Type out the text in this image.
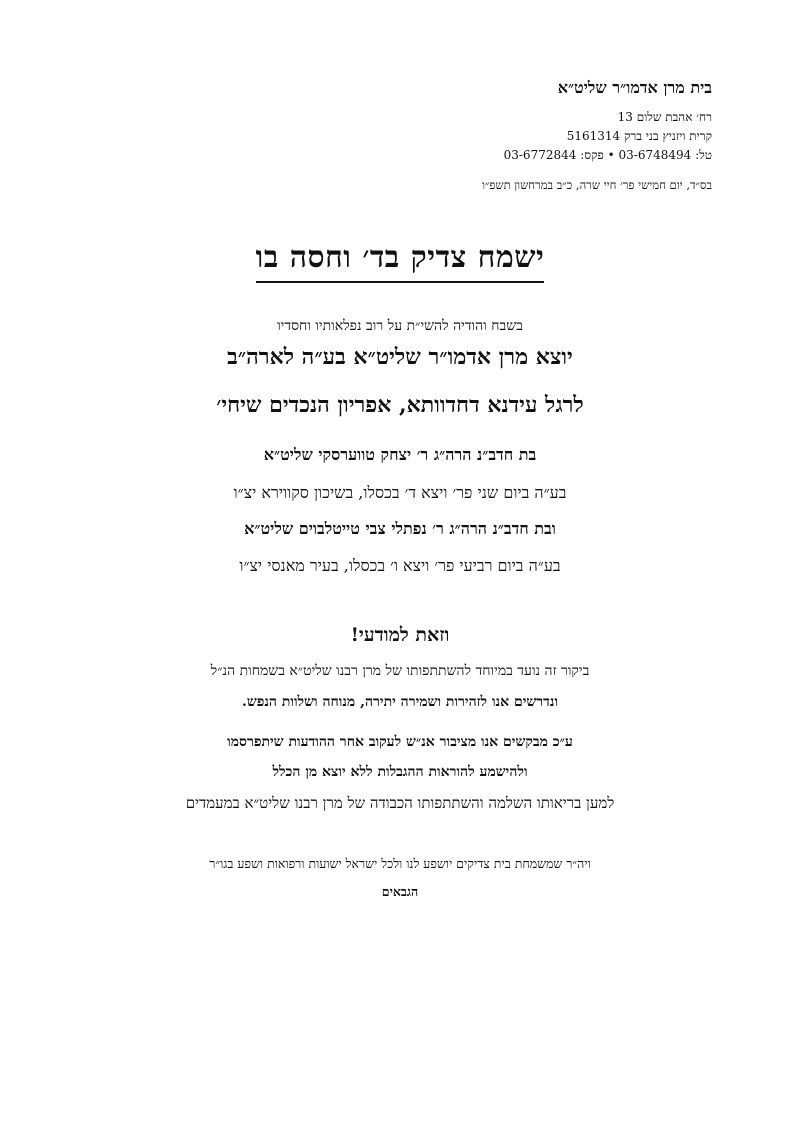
בית מרן אדמו״ר שליט״א
רח׳ אהבת שלום 13
קרית ויזניץ בני ברק 5161314
טל: 03-6748494 • פקס: 03-6772844
בס״ד, יום חמישי פר׳ חיי שרה, כ״ב במרחשון תשפ״ו
ישמח צדיק בד׳ וחסה בו
בשבח והודיה להשי״ת על רוב נפלאותיו וחסדיו
יוצא מרן אדמו״ר שליט״א בע״ה לארה״ב
לרגל עידנא דחדוותא, אפריון הנכדים שיחי׳
בת חדב״נ הרה״ג ר׳ יצחק טווערסקי שליט״א
בע״ה ביום שני פר׳ ויצא ד׳ בכסלו, בשיכון סקווירא יצ״ו
ובת חדב״נ הרה״ג ר׳ נפתלי צבי טייטלבוים שליט״א
בע״ה ביום רביעי פר׳ ויצא ו׳ בכסלו, בעיר מאנסי יצ״ו
וזאת למודעי!
ביקור זה נועד במיוחד להשתתפותו של מרן רבנו שליט״א בשמחות הנ״ל
ונדרשים אנו לזהירות ושמירה יתירה, מנוחה ושלוות הנפש.
ע״כ מבקשים אנו מציבור אנ״ש לעקוב אחר ההודעות שיתפרסמו
ולהישמע להוראות ההגבלות ללא יוצא מן הכלל
למען בריאותו השלמה והשתתפותו הכבודה של מרן רבנו שליט״א במעמדים
ויה״ר שמשמחת בית צדיקים יושפע לנו ולכל ישראל ישועות ורפואות ושפע בגו״ר
הגבאים
